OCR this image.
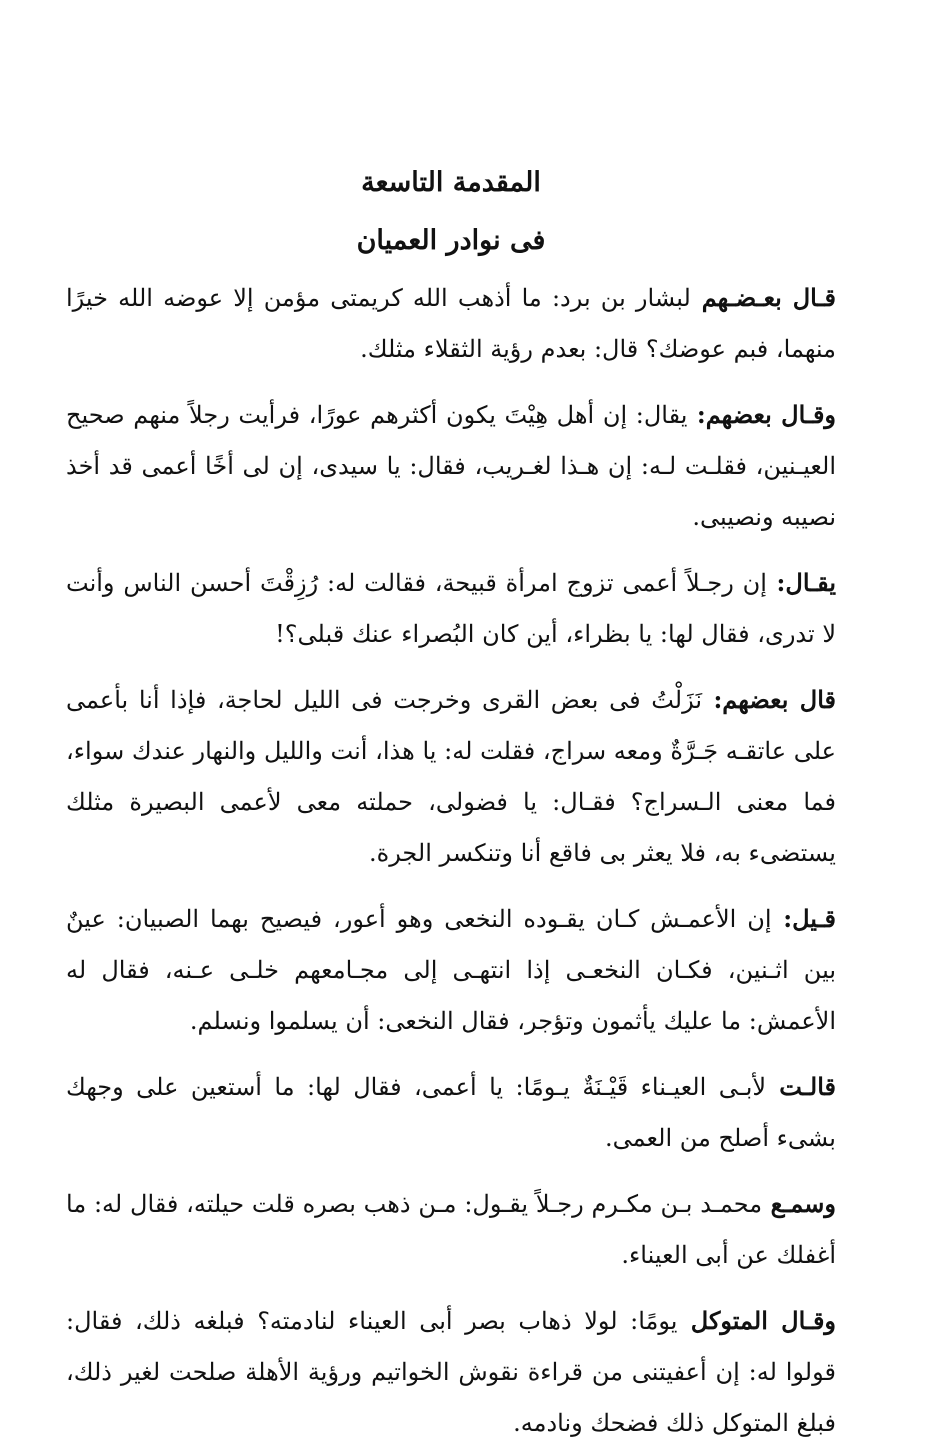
المقدمة التاسعة
فى نوادر العميان

قـال بعـضـهملبشار بن برد: ما أذهب الله كريمتى مؤمن إلا عوضه الله خيرًا منهما، فبم عوضك؟ قال: بعدم رؤية الثقلاء مثلك.

وقـال بعضهم:يقال: إن أهل هِيْتَ يكون أكثرهم عورًا، فرأيت رجلاً منهم صحيح العيـنين، فقلـت لـه: إن هـذا لغـريب، فقال: يا سيدى، إن لى أخًا أعمى قد أخذ نصيبه ونصيبى.

يقـال:إن رجـلاً أعمى تزوج امرأة قبيحة، فقالت له: رُزِقْتَ أحسن الناس وأنت لا تدرى، فقال لها: يا بظراء، أين كان البُصراء عنك قبلى؟!

قال بعضهم:نَزَلْتُ فى بعض القرى وخرجت فى الليل لحاجة، فإذا أنا بأعمى على عاتقـه جَـرَّةٌ ومعه سراج، فقلت له: يا هذا، أنت والليل والنهار عندك سواء، فما معنى الـسراج؟ فقـال: يا فضولى، حملته معى لأعمى البصيرة مثلك يستضىء به، فلا يعثر بى فاقع أنا وتنكسر الجرة.

قـيل:إن الأعمـش كـان يقـوده النخعى وهو أعور، فيصيح بهما الصبيان: عينٌ بين اثـنين، فكـان النخعـى إذا انتهـى إلى مجـامعهم خلـى عـنه، فقال له الأعمش: ما عليك يأثمون وتؤجر، فقال النخعى: أن يسلموا ونسلم.

قالـتلأبـى العيـناء قَيْـنَةٌ يـومًا: يا أعمى، فقال لها: ما أستعين على وجهك بشىء أصلح من العمى.

وسمـعمحمـد بـن مكـرم رجـلاً يقـول: مـن ذهب بصره قلت حيلته، فقال له: ما أغفلك عن أبى العيناء.

وقـال المتوكليومًا: لولا ذهاب بصر أبى العيناء لنادمته؟ فبلغه ذلك، فقال: قولوا له: إن أعفيتنى من قراءة نقوش الخواتيم ورؤية الأهلة صلحت لغير ذلك، فبلغ المتوكل ذلك فضحك ونادمه.
